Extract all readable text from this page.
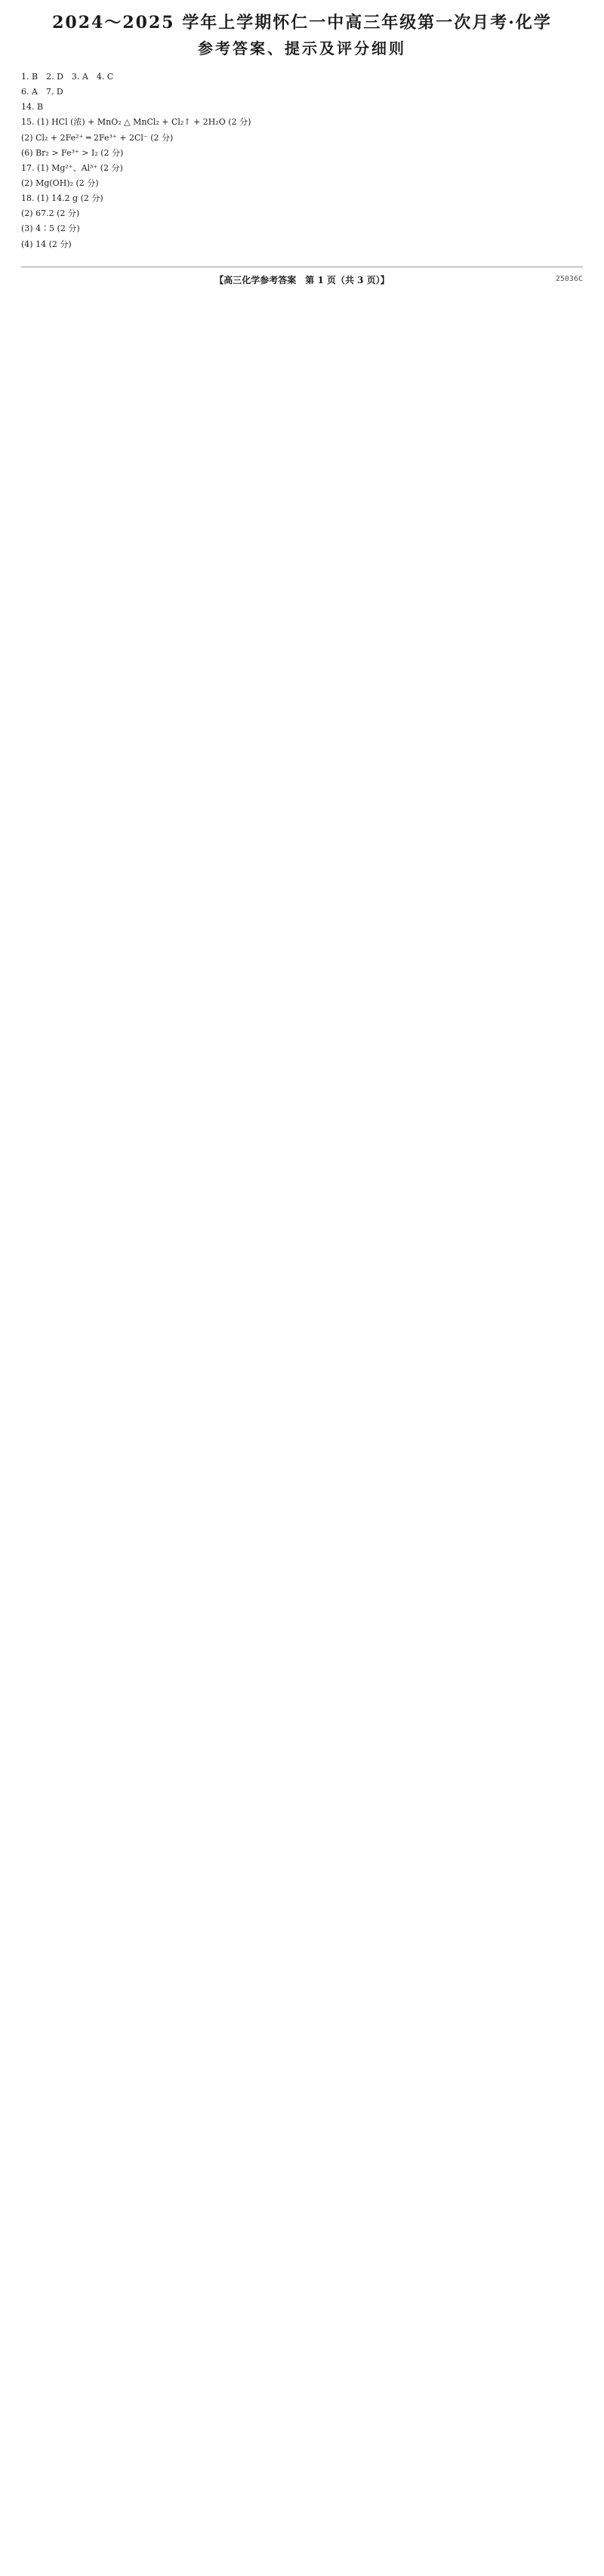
2024～2025 学年上学期怀仁一中高三年级第一次月考·化学
参考答案、提示及评分细则

1. B　2. D　3. A　4. C

6. A　7. D

14. B

15. (1) HCl (浓) + MnO₂ △ MnCl₂ + Cl₂↑ + 2H₂O (2 分)

(2) Cl₂ + 2Fe²⁺ ═ 2Fe³⁺ + 2Cl⁻ (2 分)

(6) Br₂ > Fe³⁺ > I₂ (2 分)

17. (1) Mg²⁺、Al³⁺ (2 分)

(2) Mg(OH)₂ (2 分)

18. (1) 14.2 g (2 分)

(2) 67.2 (2 分)

(3) 4∶5 (2 分)

(4) 14 (2 分)

【高三化学参考答案　第 1 页（共 3 页）】	25036C
